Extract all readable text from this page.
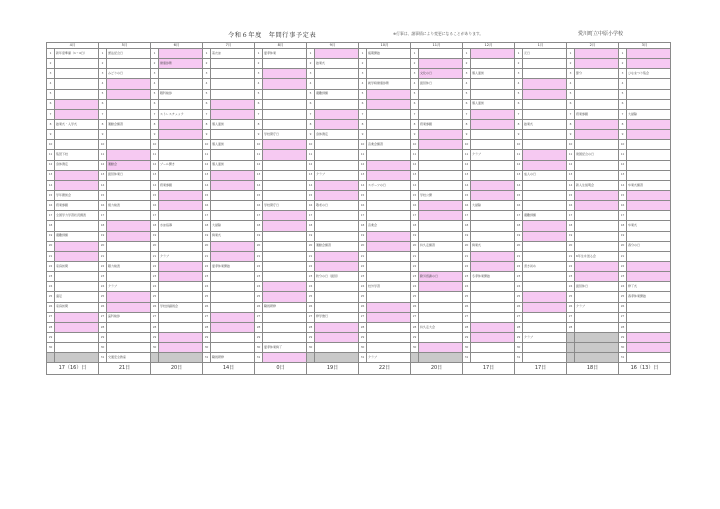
令和６年度　年間行事予定表	※行事は、諸事情により変更になることがあります。	愛川町立中原小学校
4月		5月		6月		7月		8月		9月		10月		11月		12月		1月		2月		3月	
1	新年度準備（1〜4日）	1	憲法記念日	1		1	着衣泳	1	夏季休業	1		1	後期開始	1		1		1	元日	1		1	
2		2		2	健康診断	2		2		2	始業式	2		2		2		2		2		2	
3		3	みどりの日	3		3		3		3		3		3	文化の日	3	個人面談	3		3	節分	3	ひなまつり集会
4		4		4		4		4		4		4	就学時健康診断	4	振替休日	4		4		4		4	
5		5		5	眼科検診	5		5		5	避難訓練	5		5		5		5		5		5	
6		6		6		6		6		6		6		6		6	個人面談	6		6		6	
7		7		7	ストレスチェック	7		7		7		7		7		7		7		7	授業参観	7	大掃除
8	始業式・入学式	8	運動会練習	8		8	個人面談	8		8		8		8	授業参観	8		8	始業式	8		8	
9		9		9		9		9	学校閉庁日	9	身体測定	9		9		9		9		9		9	
10		10		10		10	個人面談	10		10		10	音楽会練習	10		10		10		10		10	
11	集団下校	11		11		11		11		11		11		11		11	クラブ	11		11	建国記念の日	11	
12	身体測定	12	運動会	12	プール開き	12	個人面談	12		12		12		12		12		12		12		12	
13		13	振替休業日	13		13		13		13	クラブ	13		13		13		13	成人の日	13		13	
14		14		14	授業参観	14		14		14		14	スポーツの日	14		14		14		14	新入生説明会	14	卒業式練習
15	学年懇談会	15		15		15		15		15		15		15	学校公開	15		15		15		15	
16	授業参観	16	視力検査	16		16		16	学校閉庁日	16	敬老の日	16		16		16	大掃除	16		16		16	
17	全国学力学習状況調査	17		17		17		17		17		17		17		17		17	避難訓練	17		17	
18		18		18	水泳指導	18	大掃除	18		18		18	音楽会	18		18		18		18		18	卒業式
19	避難訓練	19		19		19	終業式	19		19		19		19		19		19		19		19	
20		20		20		20		20		20	運動会練習	20		20	持久走練習	20	終業式	20		20		20	春分の日
21		21		21	クラブ	21		21		21		21		21		21		21		21	6年生を送る会	21	
22	家庭訪問	22	聴力検査	22		22	夏季休業開始	22		22		22		22		22		22	書き初め	22		22	
23		23		23		23		23		23	秋分の日（振替）	23		23	勤労感謝の日	23	冬季休業開始	23		23		23	
24		24	クラブ	24		24		24		24		24	校外学習	24		24		24		24	振替休日	24	修了式
25	遠足	25		25		25		25		25		25		25		25		25		25		25	春季休業開始
26	家庭訪問	26		26	学校評議員会	26		26	職員研修	26		26		26		26		26		26	クラブ	26	
27		27	歯科検診	27		27		27		27	修学旅行	27		27		27		27		27		27	
28		28		28		28		28		28		28		28	持久走大会	28		28		28		28	
29		29		29		29		29		29		29		29		29		29	クラブ			29	
30		30		30		30		30	夏季休業終了	30		30		30		30		30				30	
		31	交通安全教室			31	職員研修	31				31	クラブ			31		31				31	
17（16）日		21日		20日		14日		0日		19日		22日		20日		17日		17日		18日		16（13）日	
